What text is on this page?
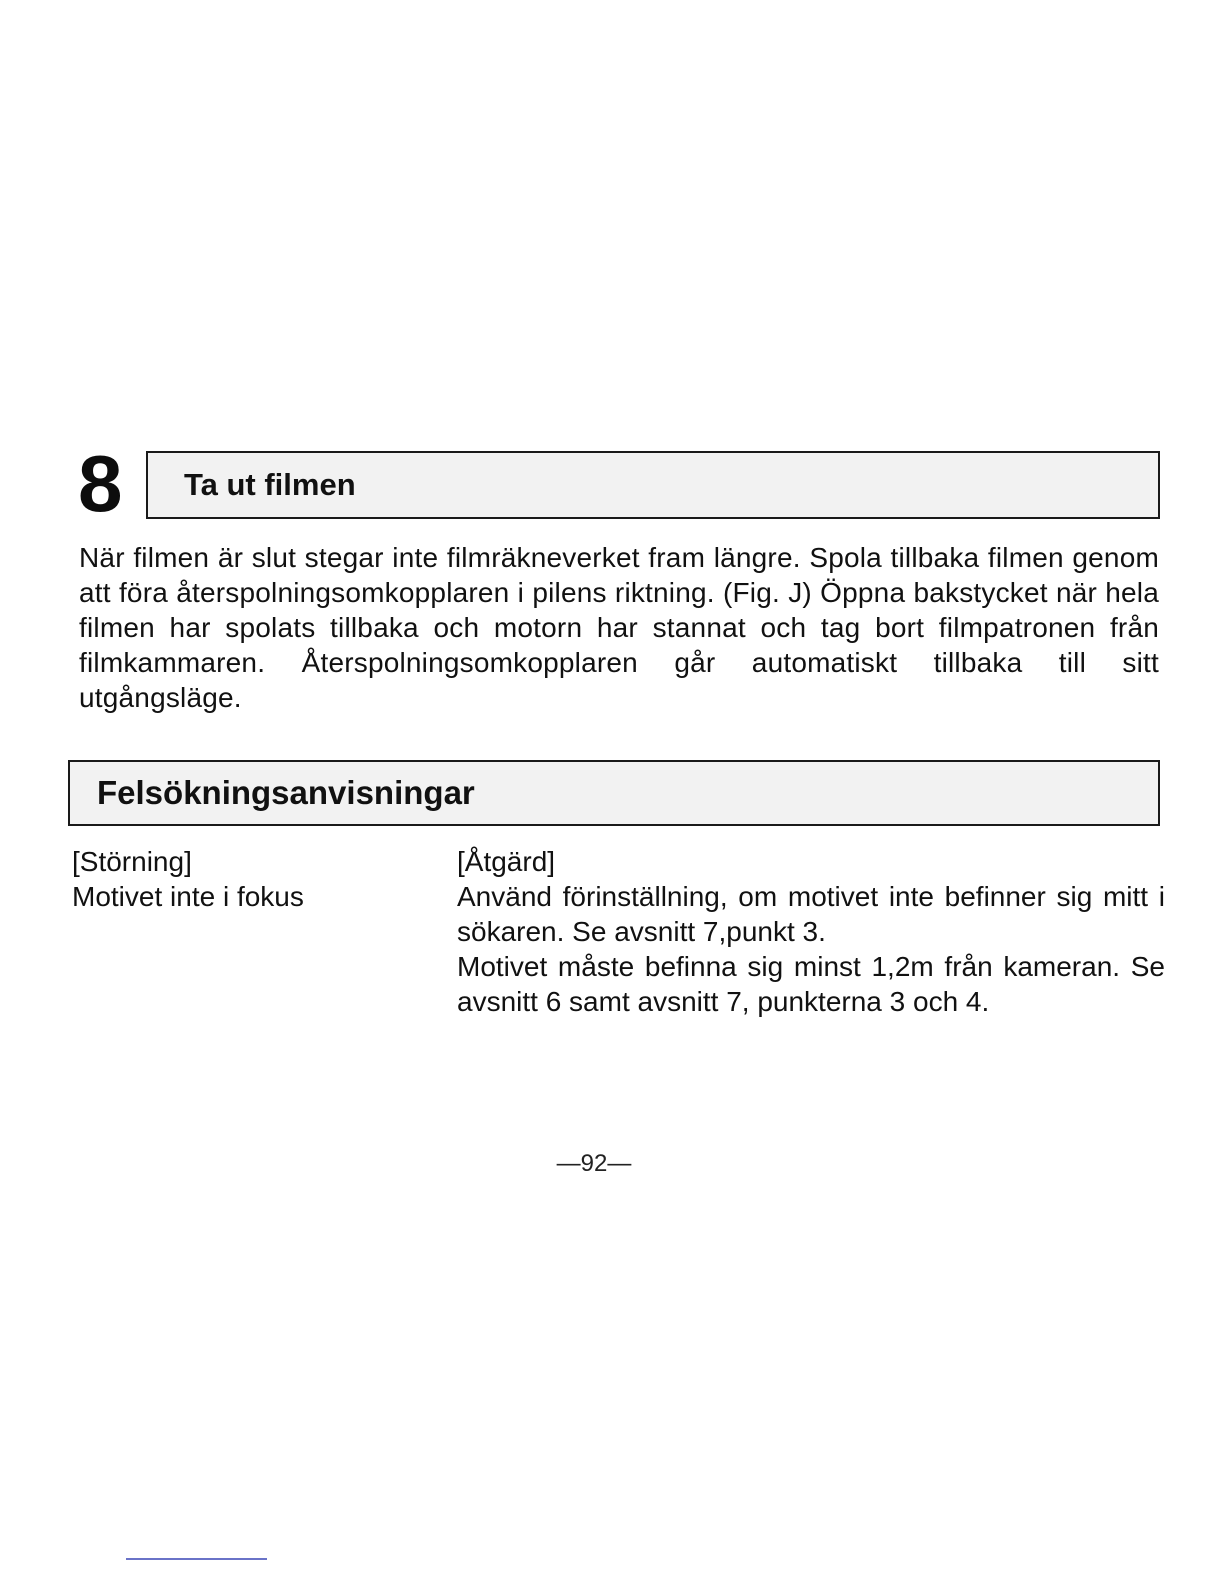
8 Ta ut filmen
När filmen är slut stegar inte filmräkneverket fram längre. Spola tillbaka filmen genom att föra återspolningsomkopplaren i pilens riktning. (Fig. J) Öppna bakstycket när hela filmen har spolats tillbaka och motorn har stannat och tag bort filmpatronen från filmkammaren. Återspolningsomkopplaren går automatiskt tillbaka till sitt utgångsläge.
Felsökningsanvisningar

[Störning]

Motivet inte i fokus

[Åtgärd]

Använd förinställning, om motivet inte befinner sig mitt i sökaren. Se avsnitt 7,punkt 3.

Motivet måste befinna sig minst 1,2m från kameran. Se avsnitt 6 samt avsnitt 7, punkterna 3 och 4.

—92—
